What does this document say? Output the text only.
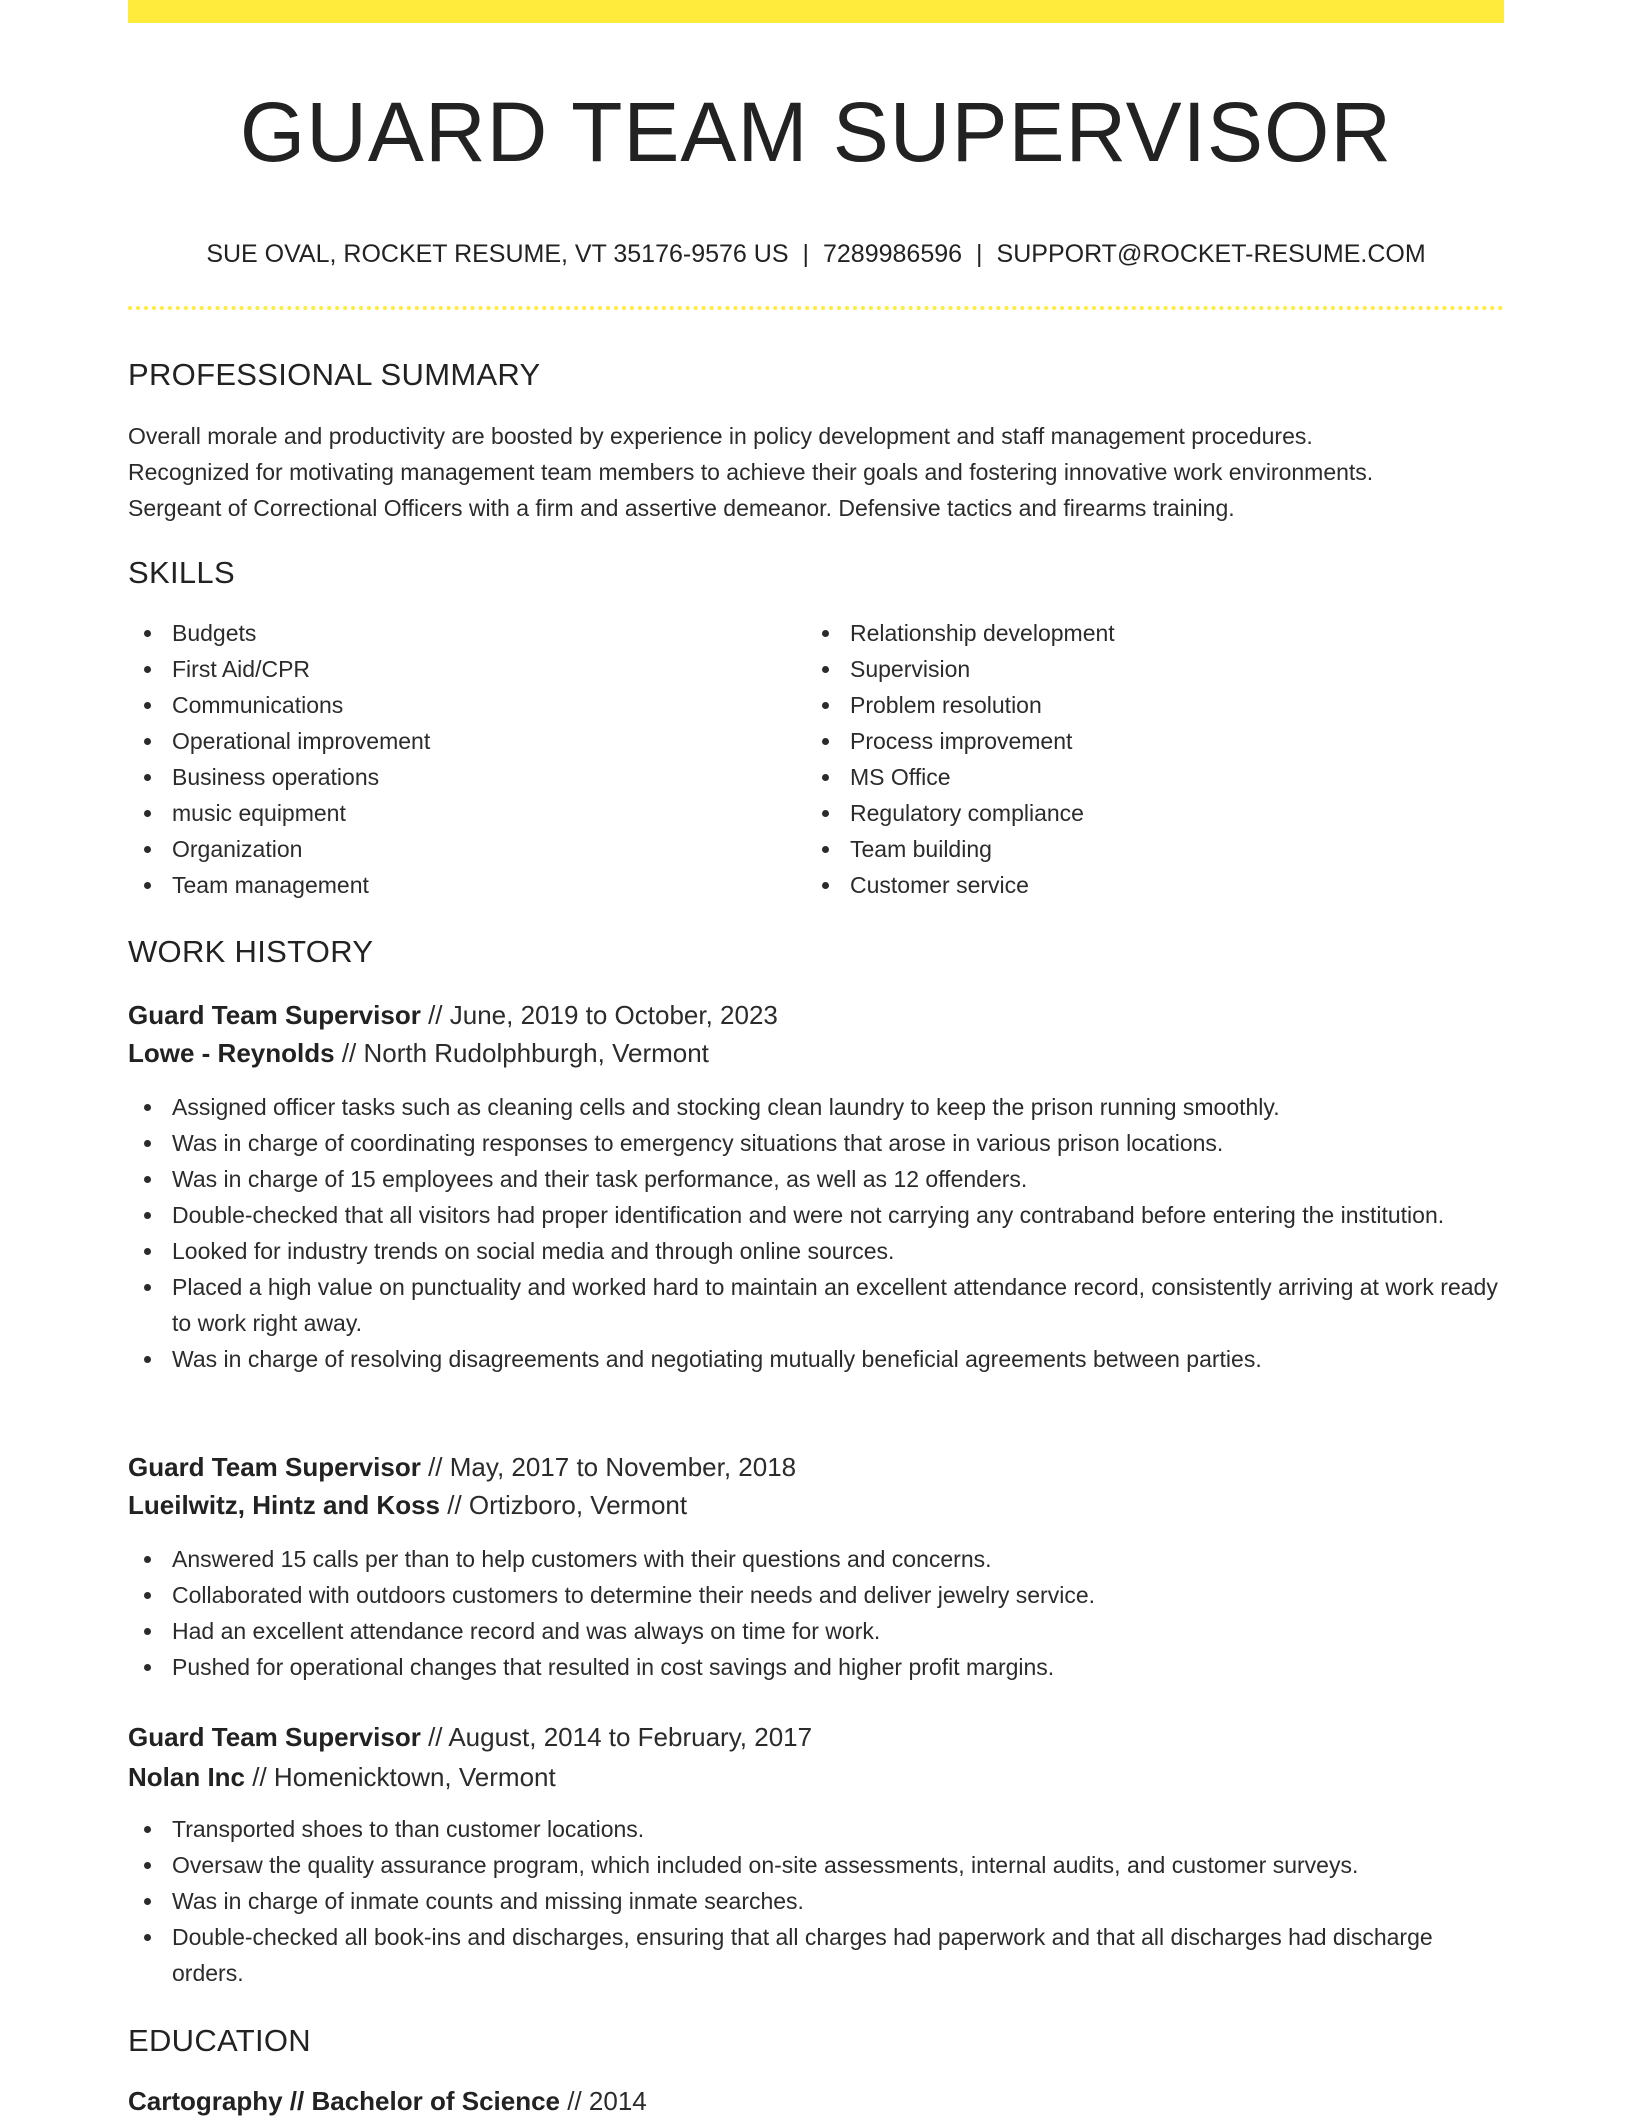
GUARD TEAM SUPERVISOR
SUE OVAL, ROCKET RESUME, VT 35176-9576 US | 7289986596 | SUPPORT@ROCKET-RESUME.COM
PROFESSIONAL SUMMARY

Overall morale and productivity are boosted by experience in policy development and staff management procedures.
Recognized for motivating management team members to achieve their goals and fostering innovative work environments.
Sergeant of Correctional Officers with a firm and assertive demeanor. Defensive tactics and firearms training.

SKILLS
Budgets
First Aid/CPR
Communications
Operational improvement
Business operations
music equipment
Organization
Team management
Relationship development
Supervision
Problem resolution
Process improvement
MS Office
Regulatory compliance
Team building
Customer service
WORK HISTORY
Guard Team Supervisor // June, 2019 to October, 2023
Lowe - Reynolds // North Rudolphburgh, Vermont
Assigned officer tasks such as cleaning cells and stocking clean laundry to keep the prison running smoothly.
Was in charge of coordinating responses to emergency situations that arose in various prison locations.
Was in charge of 15 employees and their task performance, as well as 12 offenders.
Double-checked that all visitors had proper identification and were not carrying any contraband before entering the institution.
Looked for industry trends on social media and through online sources.
Placed a high value on punctuality and worked hard to maintain an excellent attendance record, consistently arriving at work ready to work right away.
Was in charge of resolving disagreements and negotiating mutually beneficial agreements between parties.
Guard Team Supervisor // May, 2017 to November, 2018
Lueilwitz, Hintz and Koss // Ortizboro, Vermont
Answered 15 calls per than to help customers with their questions and concerns.
Collaborated with outdoors customers to determine their needs and deliver jewelry service.
Had an excellent attendance record and was always on time for work.
Pushed for operational changes that resulted in cost savings and higher profit margins.
Guard Team Supervisor // August, 2014 to February, 2017
Nolan Inc // Homenicktown, Vermont
Transported shoes to than customer locations.
Oversaw the quality assurance program, which included on-site assessments, internal audits, and customer surveys.
Was in charge of inmate counts and missing inmate searches.
Double-checked all book-ins and discharges, ensuring that all charges had paperwork and that all discharges had discharge orders.
EDUCATION
Cartography // Bachelor of Science // 2014
